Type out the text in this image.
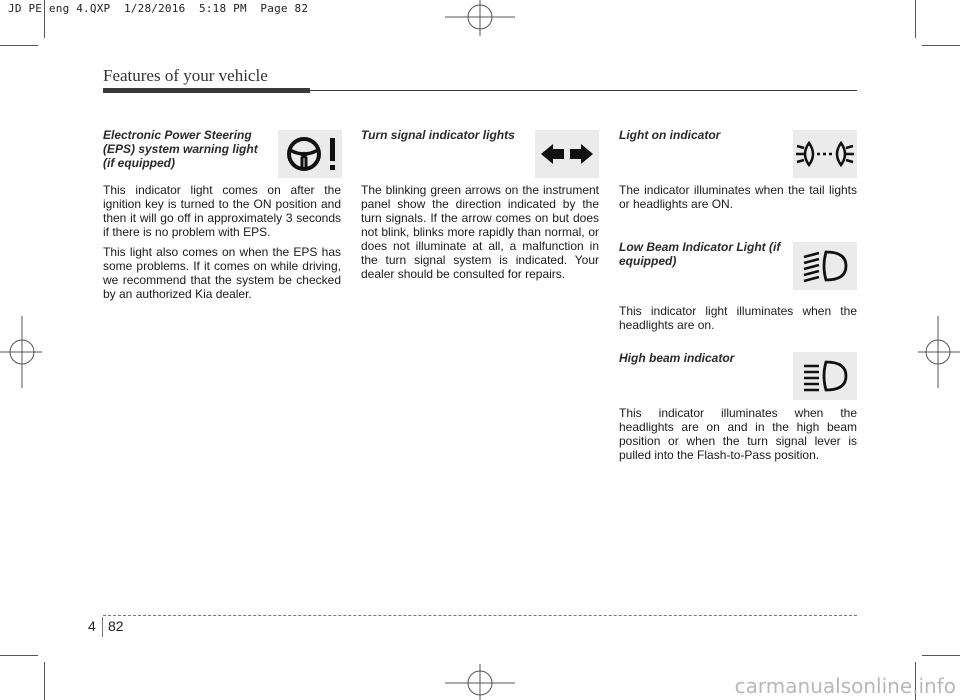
JD PE eng 4.QXP  1/28/2016  5:18 PM  Page 82
Features of your vehicle
Electronic Power Steering (EPS) system warning light (if equipped)

This indicator light comes on after the ignition key is turned to the ON position and then it will go off in approximately 3 seconds if there is no problem with EPS.

This light also comes on when the EPS has some problems. If it comes on while driving, we recommend that the system be checked by an authorized Kia dealer.

Turn signal indicator lights

The blinking green arrows on the instrument panel show the direction indicated by the turn signals. If the arrow comes on but does not blink, blinks more rapidly than normal, or does not illuminate at all, a malfunction in the turn signal system is indicated. Your dealer should be consulted for repairs.

Light on indicator

The indicator illuminates when the tail lights or headlights are ON.

Low Beam Indicator Light (if equipped)

This indicator light illuminates when the headlights are on.

High beam indicator

This indicator illuminates when the headlights are on and in the high beam position or when the turn signal lever is pulled into the Flash-to-Pass position.

4 82
carmanualsonline.info
